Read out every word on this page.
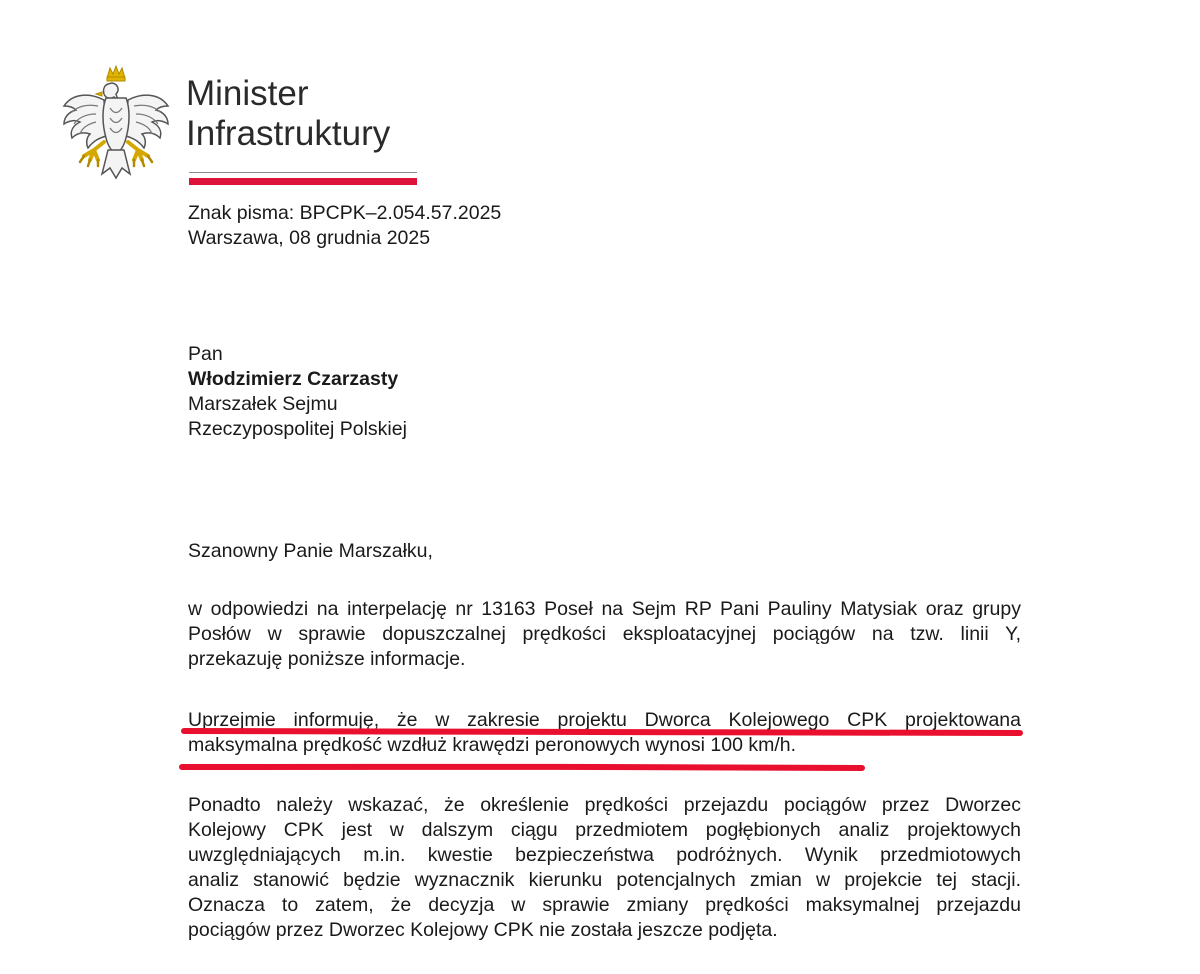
Minister
Infrastruktury
Znak pisma: BPCPK–2.054.57.2025
Warszawa, 08 grudnia 2025
Pan
Włodzimierz Czarzasty
Marszałek Sejmu
Rzeczypospolitej Polskiej
Szanowny Panie Marszałku,
w odpowiedzi na interpelację nr 13163 Poseł na Sejm RP Pani Pauliny Matysiak oraz grupy
Posłów w sprawie dopuszczalnej prędkości eksploatacyjnej pociągów na tzw. linii Y,
przekazuję poniższe informacje.
Uprzejmie informuję, że w zakresie projektu Dworca Kolejowego CPK projektowana
maksymalna prędkość wzdłuż krawędzi peronowych wynosi 100 km/h.
Ponadto należy wskazać, że określenie prędkości przejazdu pociągów przez Dworzec
Kolejowy CPK jest w dalszym ciągu przedmiotem pogłębionych analiz projektowych
uwzględniających m.in. kwestie bezpieczeństwa podróżnych. Wynik przedmiotowych
analiz stanowić będzie wyznacznik kierunku potencjalnych zmian w projekcie tej stacji.
Oznacza to zatem, że decyzja w sprawie zmiany prędkości maksymalnej przejazdu
pociągów przez Dworzec Kolejowy CPK nie została jeszcze podjęta.
